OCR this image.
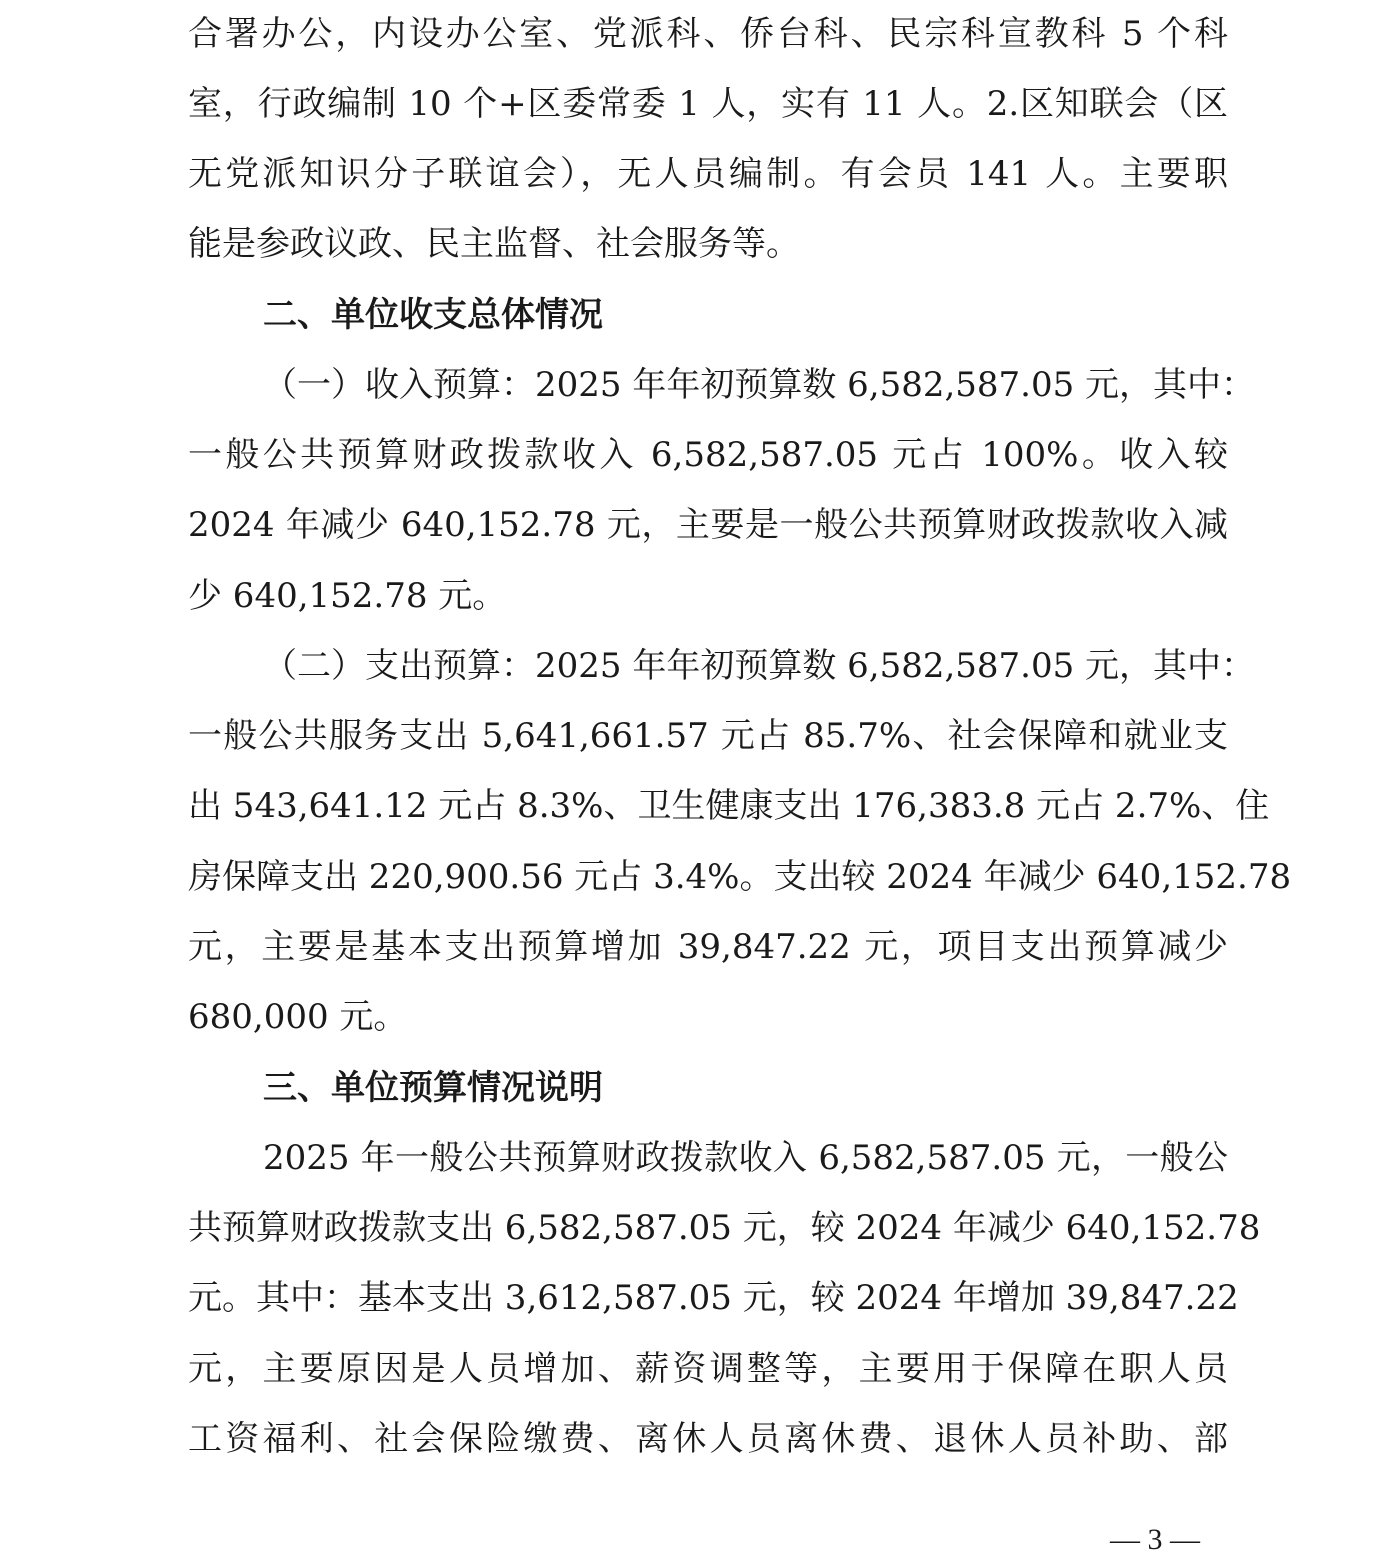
合署办公，内设办公室、党派科、侨台科、民宗科宣教科 5 个科
室，行政编制 10 个+区委常委 1 人，实有 11 人。2.区知联会（区
无党派知识分子联谊会），无人员编制。有会员 141 人。主要职
能是参政议政、民主监督、社会服务等。
二、单位收支总体情况
（一）收入预算：2025 年年初预算数 6,582,587.05 元，其中：
一般公共预算财政拨款收入 6,582,587.05 元占 100%。收入较
2024 年减少 640,152.78 元，主要是一般公共预算财政拨款收入减
少 640,152.78 元。
（二）支出预算：2025 年年初预算数 6,582,587.05 元，其中：
一般公共服务支出 5,641,661.57 元占 85.7%、社会保障和就业支
出 543,641.12 元占 8.3%、卫生健康支出 176,383.8 元占 2.7%、住
房保障支出 220,900.56 元占 3.4%。支出较 2024 年减少 640,152.78
元，主要是基本支出预算增加 39,847.22 元，项目支出预算减少
680,000 元。
三、单位预算情况说明
2025 年一般公共预算财政拨款收入 6,582,587.05 元，一般公
共预算财政拨款支出 6,582,587.05 元，较 2024 年减少 640,152.78
元。其中：基本支出 3,612,587.05 元，较 2024 年增加 39,847.22
元，主要原因是人员增加、薪资调整等，主要用于保障在职人员
工资福利、社会保险缴费、离休人员离休费、退休人员补助、部
— 3 —
